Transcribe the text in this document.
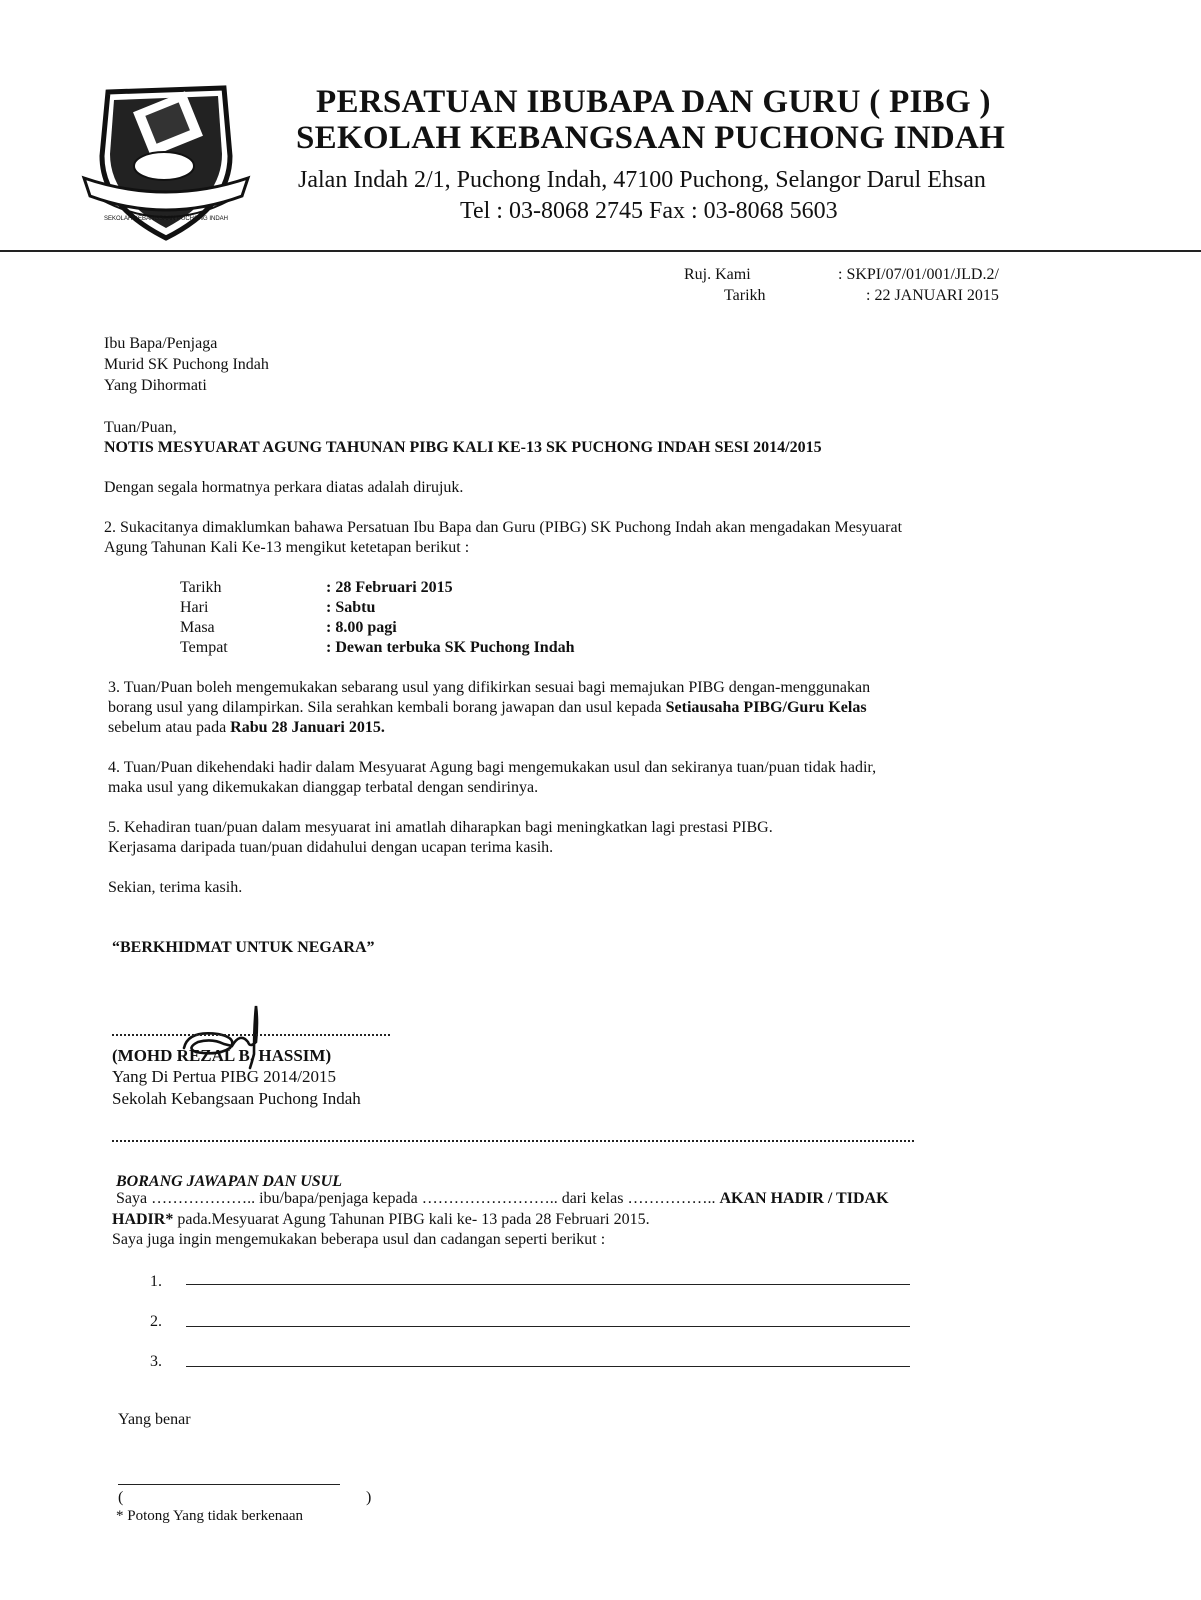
SEKOLAH KEBANGSAAN PUCHONG INDAH
PERSATUAN IBUBAPA DAN GURU ( PIBG )
SEKOLAH KEBANGSAAN PUCHONG INDAH
Jalan Indah 2/1, Puchong Indah, 47100 Puchong, Selangor Darul Ehsan
Tel : 03-8068 2745 Fax : 03-8068 5603
Ruj. Kami	: SKPI/07/01/001/JLD.2/
Tarikh	: 22 JANUARI 2015
Ibu Bapa/Penjaga
Murid SK Puchong Indah
Yang Dihormati
Tuan/Puan,
NOTIS MESYUARAT AGUNG TAHUNAN PIBG KALI KE-13 SK PUCHONG INDAH SESI 2014/2015
Dengan segala hormatnya perkara diatas adalah dirujuk.
2. Sukacitanya dimaklumkan bahawa Persatuan Ibu Bapa dan Guru (PIBG) SK Puchong Indah akan mengadakan Mesyuarat
Agung Tahunan Kali Ke-13 mengikut ketetapan berikut :
Tarikh	: 28 Februari 2015
Hari	: Sabtu
Masa	: 8.00 pagi
Tempat	: Dewan terbuka SK Puchong Indah
3. Tuan/Puan boleh mengemukakan sebarang usul yang difikirkan sesuai bagi memajukan PIBG dengan-menggunakan
borang usul yang dilampirkan. Sila serahkan kembali borang jawapan dan usul kepada Setiausaha PIBG/Guru Kelas
sebelum atau pada Rabu 28 Januari 2015.
4. Tuan/Puan dikehendaki hadir dalam Mesyuarat Agung bagi mengemukakan usul dan sekiranya tuan/puan tidak hadir,
maka usul yang dikemukakan dianggap terbatal dengan sendirinya.
5. Kehadiran tuan/puan dalam mesyuarat ini amatlah diharapkan bagi meningkatkan lagi prestasi PIBG.
Kerjasama daripada tuan/puan didahului dengan ucapan terima kasih.
Sekian, terima kasih.
“BERKHIDMAT UNTUK NEGARA”
(MOHD REZAL B. HASSIM)
Yang Di Pertua PIBG 2014/2015
Sekolah Kebangsaan Puchong Indah
BORANG JAWAPAN DAN USUL
Saya ……………….. ibu/bapa/penjaga kepada …………………….. dari kelas …………….. AKAN HADIR / TIDAK
HADIR* pada.Mesyuarat Agung Tahunan PIBG kali ke- 13 pada 28 Februari 2015.
Saya juga ingin mengemukakan beberapa usul dan cadangan seperti berikut :
1.
2.
3.
Yang benar
(	)
* Potong Yang tidak berkenaan
